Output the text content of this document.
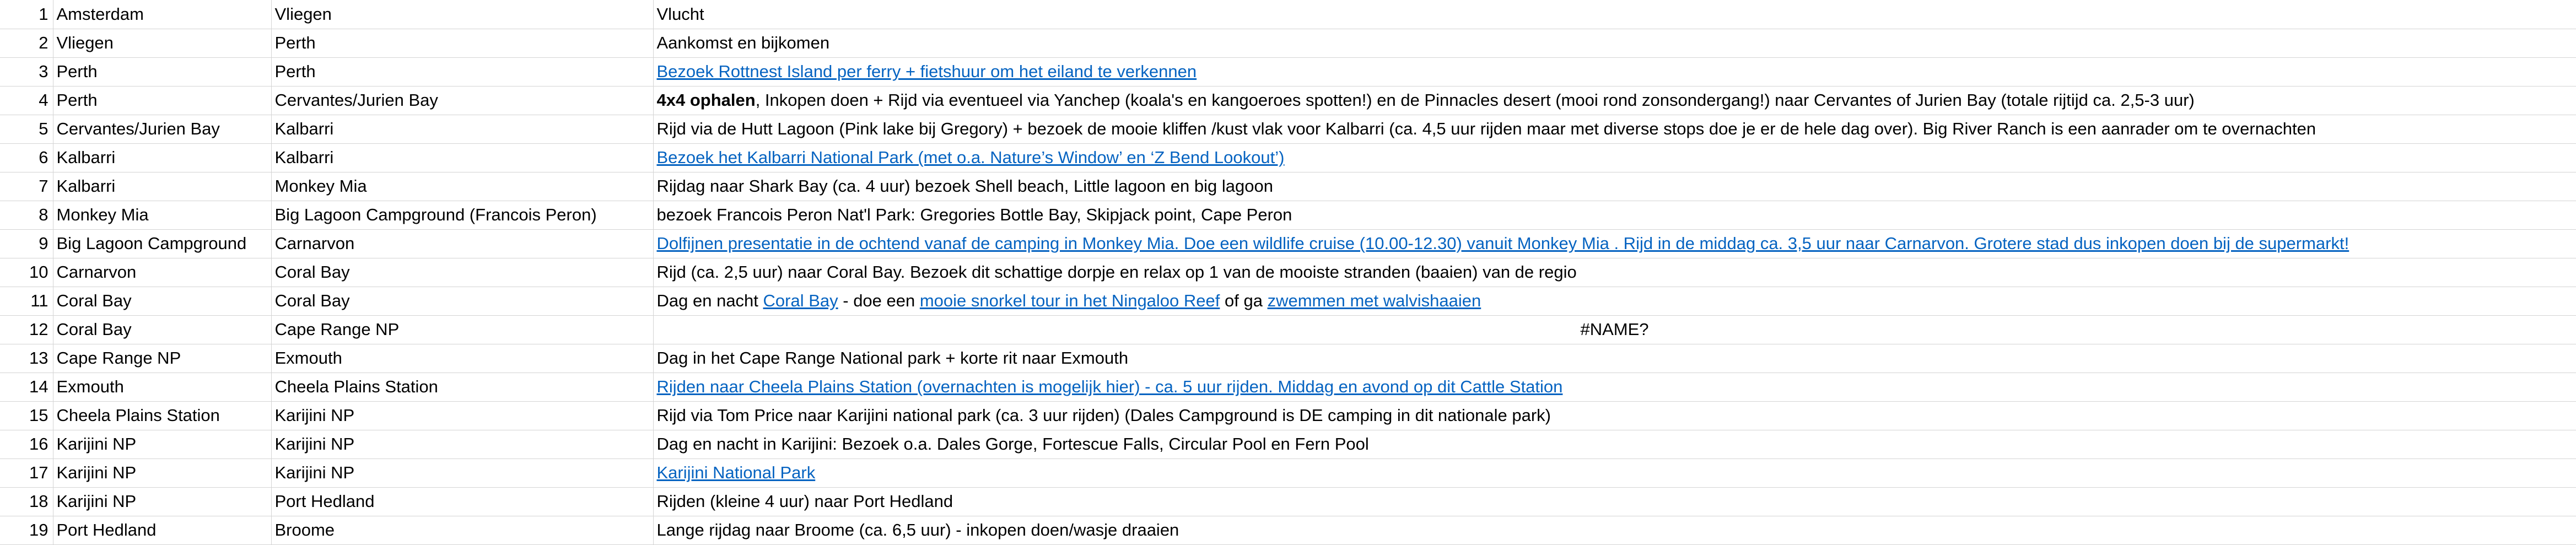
1	Amsterdam	Vliegen	Vlucht
2	Vliegen	Perth	Aankomst en bijkomen
3	Perth	Perth	Bezoek Rottnest Island per ferry + fietshuur om het eiland te verkennen
4	Perth	Cervantes/Jurien Bay	4x4 ophalen, Inkopen doen + Rijd via eventueel via Yanchep (koala's en kangoeroes spotten!) en de Pinnacles desert (mooi rond zonsondergang!) naar Cervantes of Jurien Bay (totale rijtijd ca. 2,5-3 uur)
5	Cervantes/Jurien Bay	Kalbarri	Rijd via de Hutt Lagoon (Pink lake bij Gregory) + bezoek de mooie kliffen /kust vlak voor Kalbarri (ca. 4,5 uur rijden maar met diverse stops doe je er de hele dag over). Big River Ranch is een aanrader om te overnachten
6	Kalbarri	Kalbarri	Bezoek het Kalbarri National Park (met o.a. Nature’s Window’ en ‘Z Bend Lookout’)
7	Kalbarri	Monkey Mia	Rijdag naar Shark Bay (ca. 4 uur) bezoek Shell beach, Little lagoon en big lagoon
8	Monkey Mia	Big Lagoon Campground (Francois Peron)	bezoek Francois Peron Nat'l Park: Gregories Bottle Bay, Skipjack point, Cape Peron
9	Big Lagoon Campground	Carnarvon	Dolfijnen presentatie in de ochtend vanaf de camping in Monkey Mia. Doe een wildlife cruise (10.00-12.30) vanuit Monkey Mia . Rijd in de middag ca. 3,5 uur naar Carnarvon. Grotere stad dus inkopen doen bij de supermarkt!
10	Carnarvon	Coral Bay	Rijd (ca. 2,5 uur) naar Coral Bay. Bezoek dit schattige dorpje en relax op 1 van de mooiste stranden (baaien) van de regio
11	Coral Bay	Coral Bay	Dag en nacht Coral Bay - doe een mooie snorkel tour in het Ningaloo Reef of ga zwemmen met walvishaaien
12	Coral Bay	Cape Range NP	#NAME?
13	Cape Range NP	Exmouth	Dag in het Cape Range National park + korte rit naar Exmouth
14	Exmouth	Cheela Plains Station	Rijden naar Cheela Plains Station (overnachten is mogelijk hier) - ca. 5 uur rijden. Middag en avond op dit Cattle Station
15	Cheela Plains Station	Karijini NP	Rijd via Tom Price naar Karijini national park (ca. 3 uur rijden) (Dales Campground is DE camping in dit nationale park)
16	Karijini NP	Karijini NP	Dag en nacht in Karijini: Bezoek o.a. Dales Gorge, Fortescue Falls, Circular Pool en Fern Pool
17	Karijini NP	Karijini NP	Karijini National Park
18	Karijini NP	Port Hedland	Rijden (kleine 4 uur) naar Port Hedland
19	Port Hedland	Broome	Lange rijdag naar Broome (ca. 6,5 uur) - inkopen doen/wasje draaien
